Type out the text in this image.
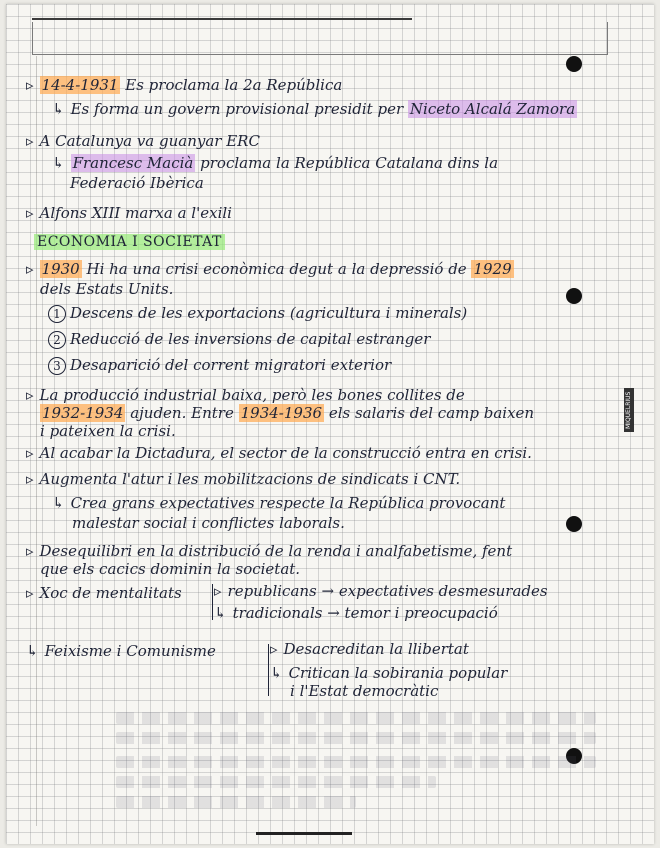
MIQUELRIUS
▹ 14-4-1931 Es proclama la 2a República
↳ Es forma un govern provisional presidit per Niceto Alcalá Zamora
▹ A Catalunya va guanyar ERC
↳ Francesc Macià proclama la República Catalana dins la
Federació Ibèrica
▹ Alfons XIII marxa a l'exili
ECONOMIA I SOCIETAT
▹ 1930 Hi ha una crisi econòmica degut a la depressió de 1929
dels Estats Units.
1 Descens de les exportacions (agricultura i minerals)
2 Reducció de les inversions de capital estranger
3 Desaparició del corrent migratori exterior
▹ La producció industrial baixa, però les bones collites de
1932-1934 ajuden. Entre 1934-1936 els salaris del camp baixen
i pateixen la crisi.
▹ Al acabar la Dictadura, el sector de la construcció entra en crisi.
▹ Augmenta l'atur i les mobilitzacions de sindicats i CNT.
↳ Crea grans expectatives respecte la República provocant
malestar social i conflictes laborals.
▹ Desequilibri en la distribució de la renda i analfabetisme, fent
que els cacics dominin la societat.
▹ Xoc de mentalitats ▹ republicans → expectatives desmesurades
↳ tradicionals → temor i preocupació
↳ Feixisme i Comunisme	▹ Desacreditan la llibertat
↳ Critican la sobirania popular
i l'Estat democràtic
